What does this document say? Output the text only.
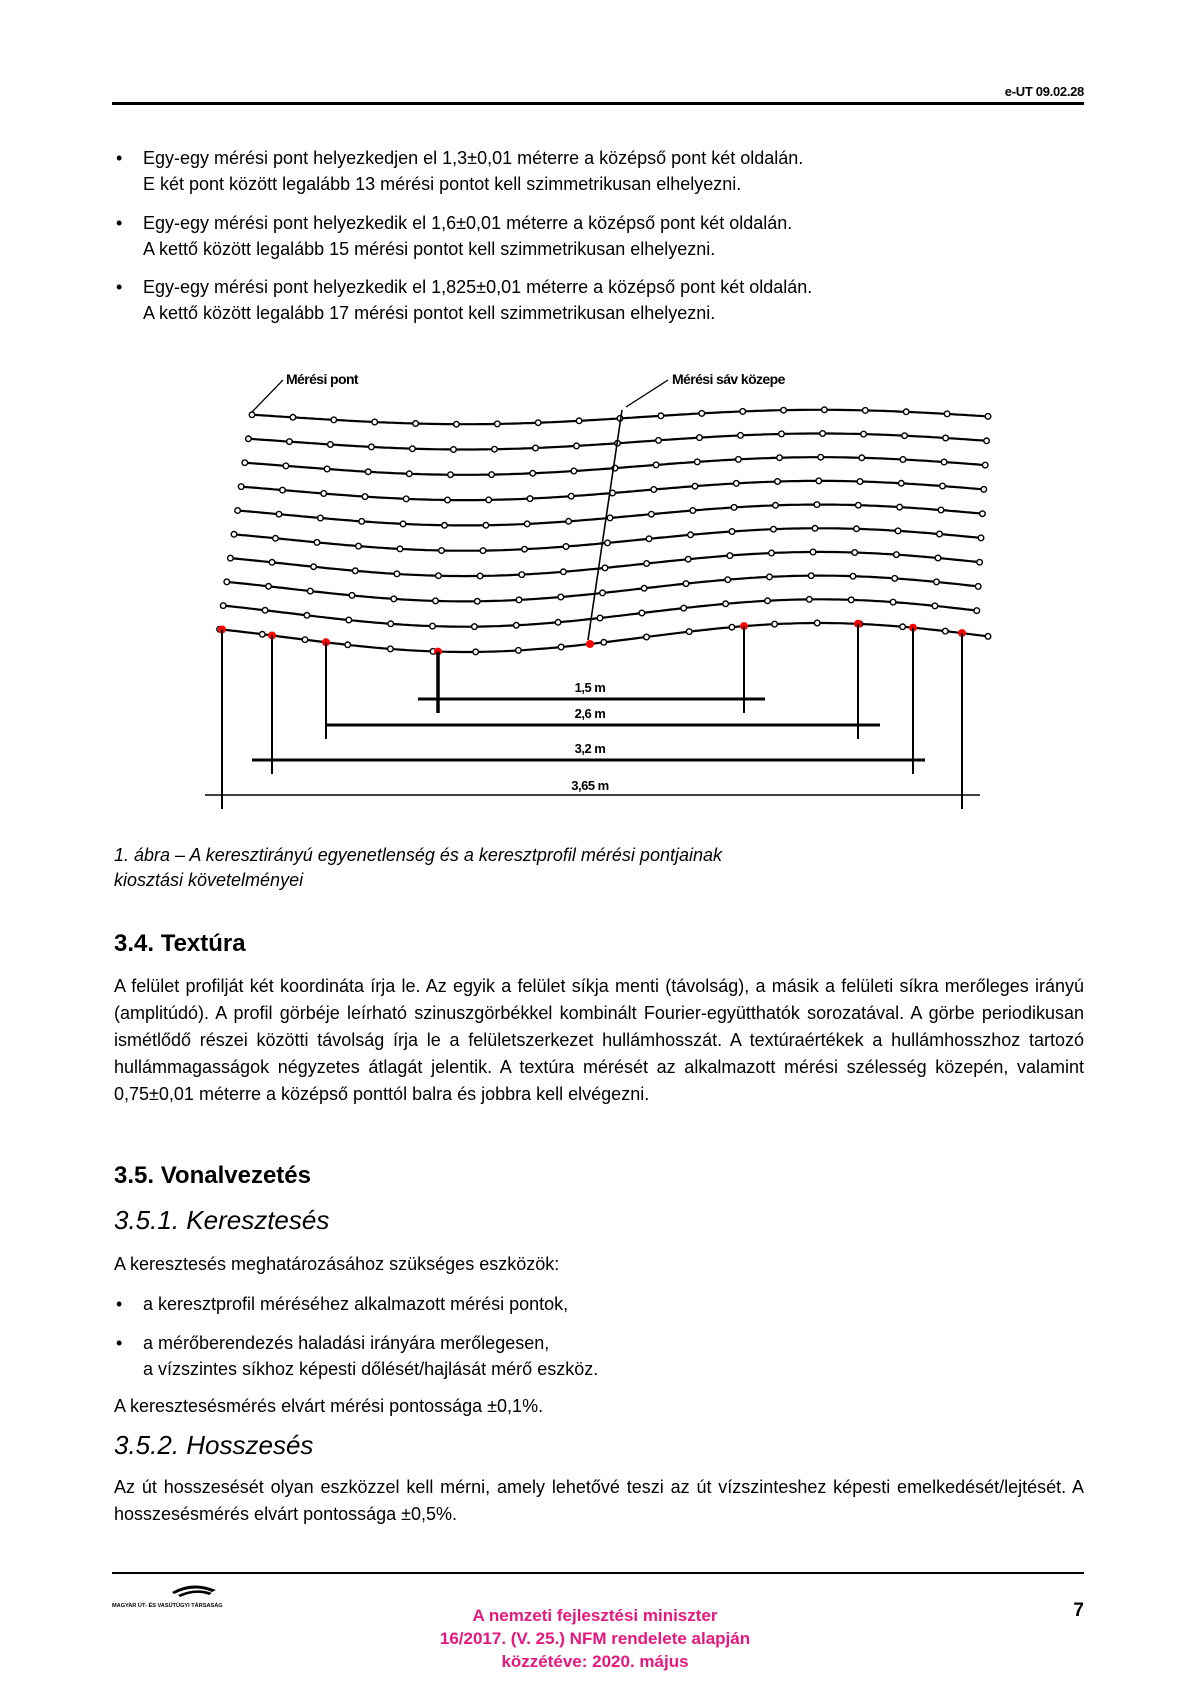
e-UT 09.02.28
• Egy-egy mérési pont helyezkedjen el 1,3±0,01 méterre a középső pont két oldalán.
E két pont között legalább 13 mérési pontot kell szimmetrikusan elhelyezni.
• Egy-egy mérési pont helyezkedik el 1,6±0,01 méterre a középső pont két oldalán.
A kettő között legalább 15 mérési pontot kell szimmetrikusan elhelyezni.
• Egy-egy mérési pont helyezkedik el 1,825±0,01 méterre a középső pont két oldalán.
A kettő között legalább 17 mérési pontot kell szimmetrikusan elhelyezni.
1,5 m
2,6 m
3,2 m
3,65 m
Mérési pont	Mérési sáv közepe
1. ábra – A keresztirányú egyenetlenség és a keresztprofil mérési pontjainak
kiosztási követelményei
3.4. Textúra
A felület profilját két koordináta írja le. Az egyik a felület síkja menti (távolság), a másik a felületi síkra merőleges irányú (amplitúdó). A profil görbéje leírható szinuszgörbékkel kombinált Fourier-együtthatók sorozatával. A görbe periodikusan ismétlődő részei közötti távolság írja le a felületszerkezet hullámhosszát. A textúraértékek a hullámhosszhoz tartozó hullámmagasságok négyzetes átlagát jelentik. A textúra mérését az alkalmazott mérési szélesség közepén, valamint 0,75±0,01 méterre a középső ponttól balra és jobbra kell elvégezni.
3.5. Vonalvezetés
3.5.1. Keresztesés
A keresztesés meghatározásához szükséges eszközök:
• a keresztprofil méréséhez alkalmazott mérési pontok,
• a mérőberendezés haladási irányára merőlegesen,
a vízszintes síkhoz képesti dőlését/hajlását mérő eszköz.
A keresztesésmérés elvárt mérési pontossága ±0,1%.
3.5.2. Hosszesés
Az út hosszesését olyan eszközzel kell mérni, amely lehetővé teszi az út vízszinteshez képesti emelkedését/lejtését. A hosszesésmérés elvárt pontossága ±0,5%.
MAGYAR ÚT- ÉS VASÚTÜGYI TÁRSASÁG	A nemzeti fejlesztési miniszter
16/2017. (V. 25.) NFM rendelete alapján
közzétéve: 2020. május
7
